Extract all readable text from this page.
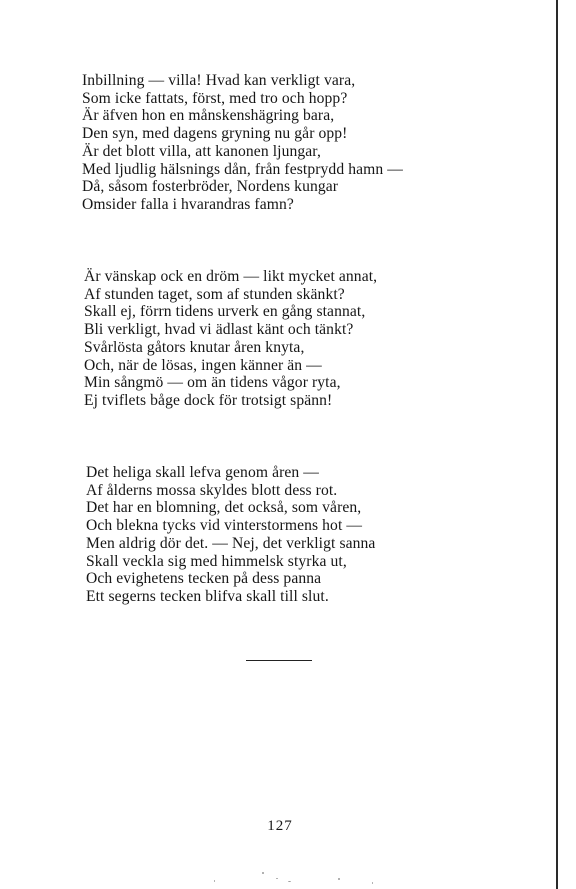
Inbillning — villa! Hvad kan verkligt vara,
Som icke fattats, först, med tro och hopp?
Är äfven hon en månskenshägring bara,
Den syn, med dagens gryning nu går opp!
Är det blott villa, att kanonen ljungar,
Med ljudlig hälsnings dån, från festprydd hamn —
Då, såsom fosterbröder, Nordens kungar
Omsider falla i hvarandras famn?
Är vänskap ock en dröm — likt mycket annat,
Af stunden taget, som af stunden skänkt?
Skall ej, förrn tidens urverk en gång stannat,
Bli verkligt, hvad vi ädlast känt och tänkt?
Svårlösta gåtors knutar åren knyta,
Och, när de lösas, ingen känner än —
Min sångmö — om än tidens vågor ryta,
Ej tviflets båge dock för trotsigt spänn!
Det heliga skall lefva genom åren —
Af ålderns mossa skyldes blott dess rot.
Det har en blomning, det också, som våren,
Och blekna tycks vid vinterstormens hot —
Men aldrig dör det. — Nej, det verkligt sanna
Skall veckla sig med himmelsk styrka ut,
Och evighetens tecken på dess panna
Ett segerns tecken blifva skall till slut.
127
